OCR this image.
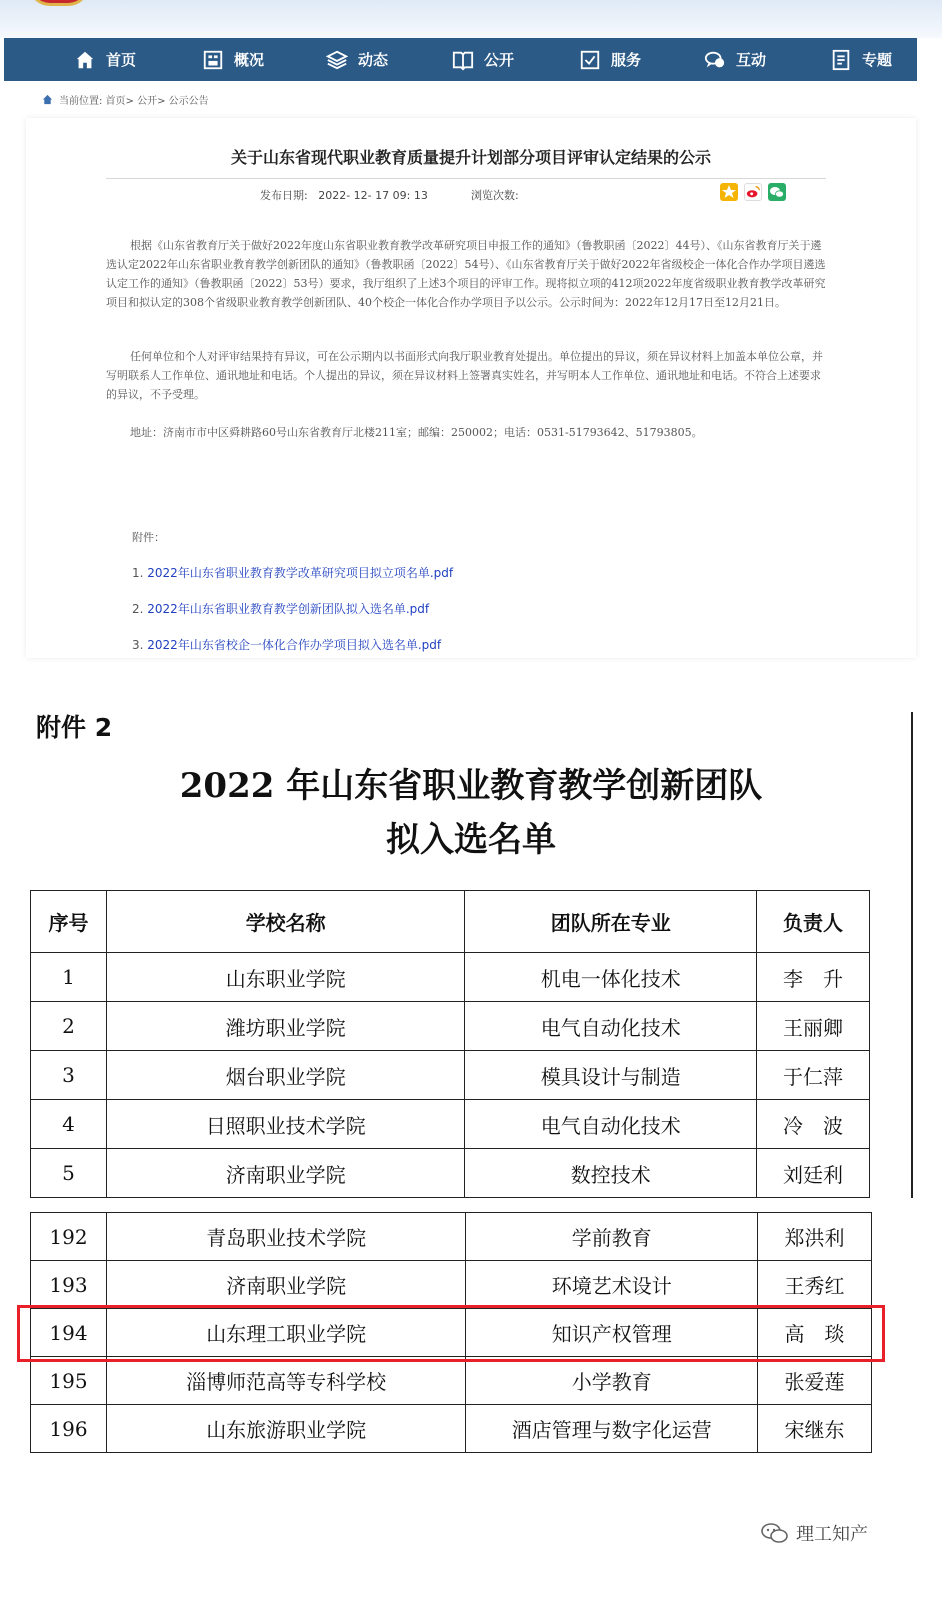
首页	概况	动态	公开	服务	互动	专题
当前位置: 首页> 公开> 公示公告
关于山东省现代职业教育质量提升计划部分项目评审认定结果的公示
发布日期: 2022- 12- 17 09: 13	浏览次数:

根据《山东省教育厅关于做好2022年度山东省职业教育教学改革研究项目申报工作的通知》（鲁教职函〔2022〕44号）、《山东省教育厅关于遴选认定2022年山东省职业教育教学创新团队的通知》（鲁教职函〔2022〕54号）、《山东省教育厅关于做好2022年省级校企一体化合作办学项目遴选认定工作的通知》（鲁教职函〔2022〕53号）要求，我厅组织了上述3个项目的评审工作。现将拟立项的412项2022年度省级职业教育教学改革研究项目和拟认定的308个省级职业教育教学创新团队、40个校企一体化合作办学项目予以公示。公示时间为：2022年12月17日至12月21日。

任何单位和个人对评审结果持有异议，可在公示期内以书面形式向我厅职业教育处提出。单位提出的异议，须在异议材料上加盖本单位公章，并写明联系人工作单位、通讯地址和电话。个人提出的异议，须在异议材料上签署真实姓名，并写明本人工作单位、通讯地址和电话。不符合上述要求的异议，不予受理。

地址：济南市市中区舜耕路60号山东省教育厅北楼211室；邮编：250002；电话：0531-51793642、51793805。

附件：
1. 2022年山东省职业教育教学改革研究项目拟立项名单.pdf
2. 2022年山东省职业教育教学创新团队拟入选名单.pdf
3. 2022年山东省校企一体化合作办学项目拟入选名单.pdf
附件 2
2022 年山东省职业教育教学创新团队
拟入选名单
序号	学校名称	团队所在专业	负责人
1	山东职业学院	机电一体化技术	李　升
2	潍坊职业学院	电气自动化技术	王丽卿
3	烟台职业学院	模具设计与制造	于仁萍
4	日照职业技术学院	电气自动化技术	冷　波
5	济南职业学院	数控技术	刘廷利
192	青岛职业技术学院	学前教育	郑洪利
193	济南职业学院	环境艺术设计	王秀红
194	山东理工职业学院	知识产权管理	高　琰
195	淄博师范高等专科学校	小学教育	张爱莲
196	山东旅游职业学院	酒店管理与数字化运营	宋继东
理工知产
